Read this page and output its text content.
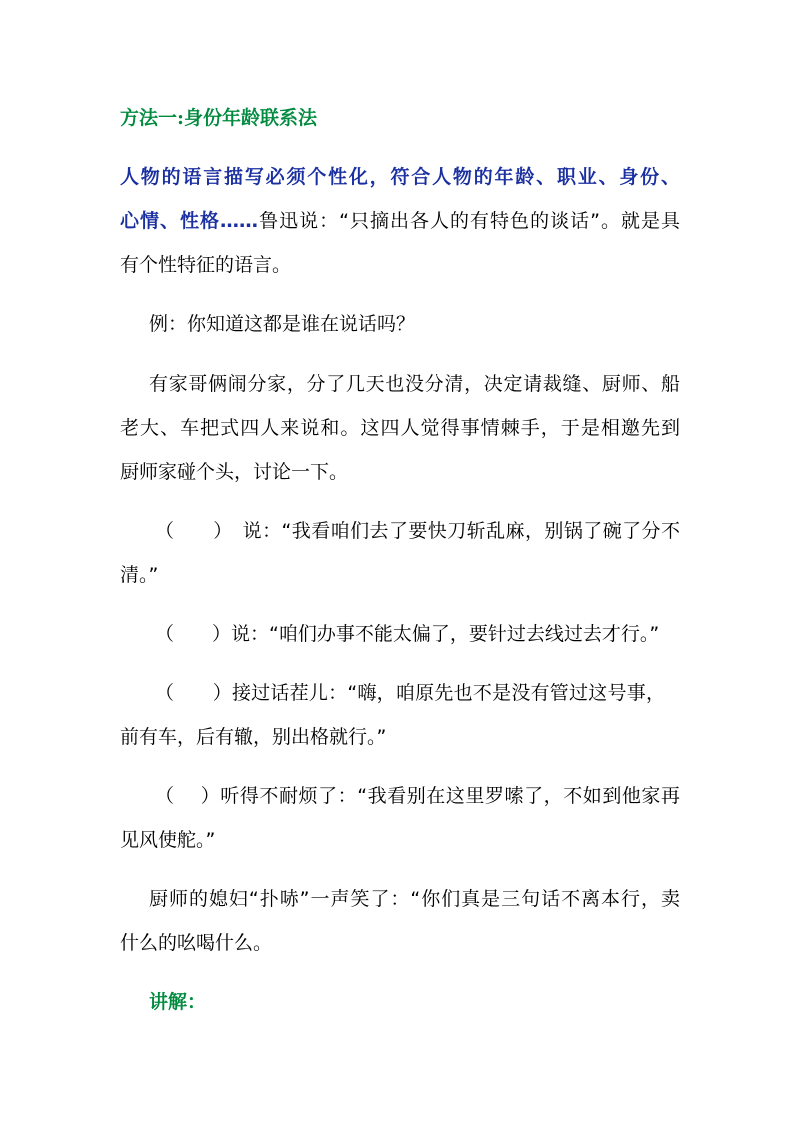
方法一:身份年龄联系法
人物的语言描写必须个性化，符合人物的年龄、职业、身份、
心情、性格……鲁迅说：“只摘出各人的有特色的谈话”。就是具
有个性特征的语言。
例：你知道这都是谁在说话吗？
有家哥俩闹分家，分了几天也没分清，决定请裁缝、厨师、船
老大、车把式四人来说和。这四人觉得事情棘手，于是相邀先到
厨师家碰个头，讨论一下。
（　　）　说：“我看咱们去了要快刀斩乱麻，别锅了碗了分不
清。”
（　　）说：“咱们办事不能太偏了，要针过去线过去才行。”
（　　）接过话茬儿：“嗨，咱原先也不是没有管过这号事，
前有车，后有辙，别出格就行。”
（　 ）听得不耐烦了：“我看别在这里罗嗦了，不如到他家再
见风使舵。”
厨师的媳妇“扑哧”一声笑了：“你们真是三句话不离本行，卖
什么的吆喝什么。
讲解：
